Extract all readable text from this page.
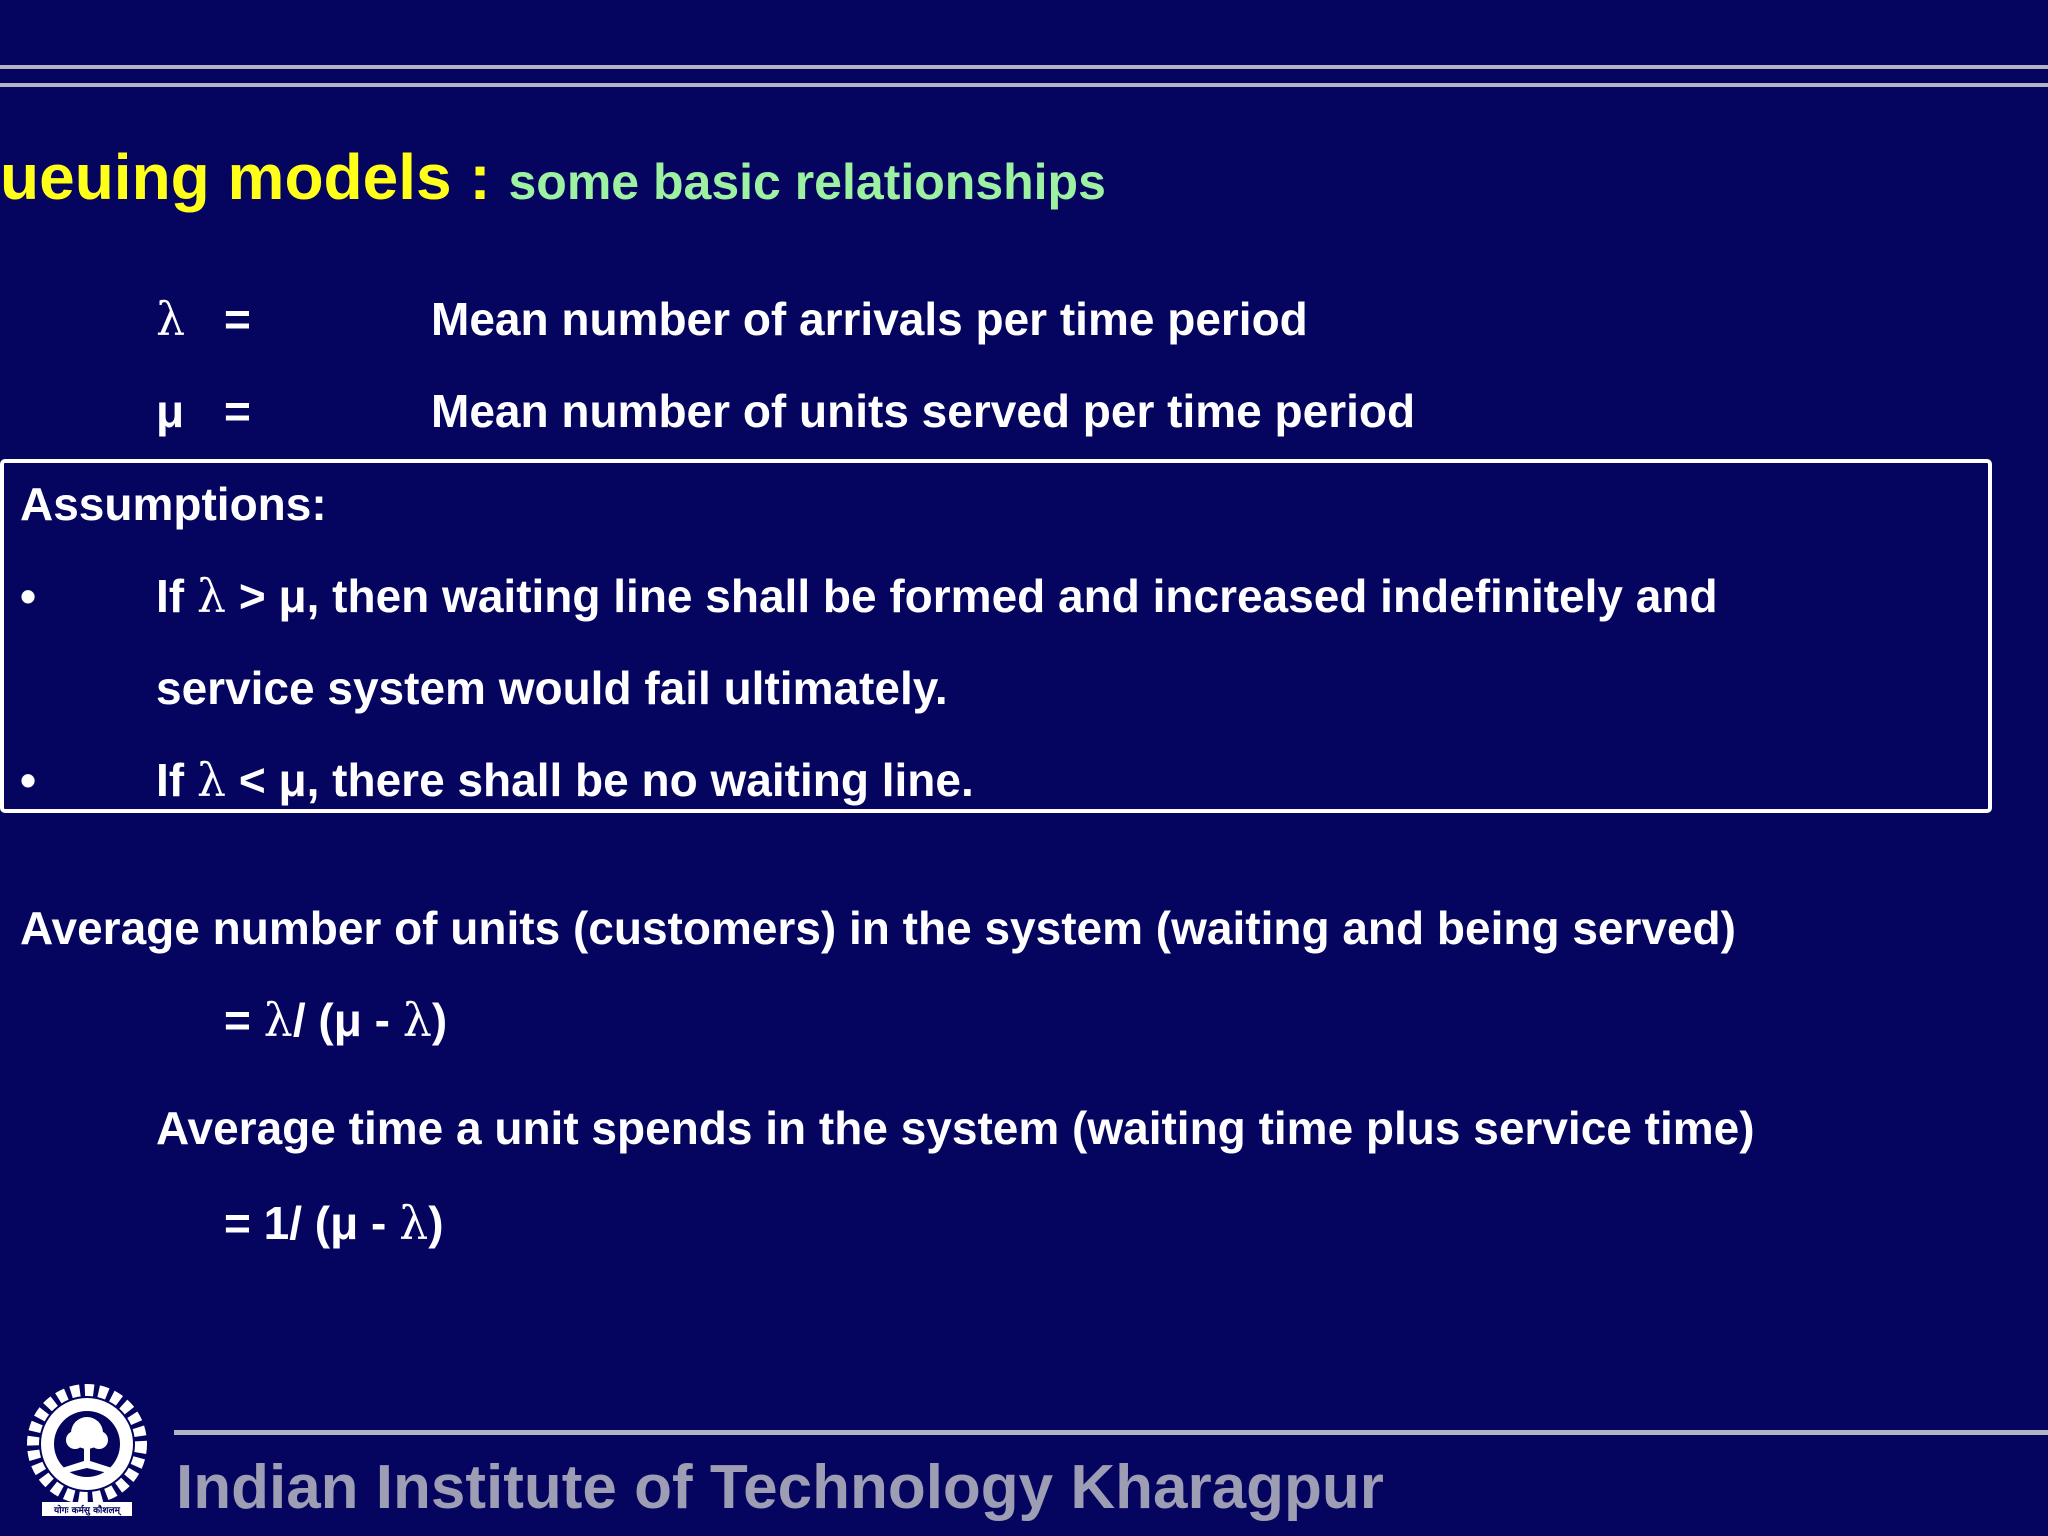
ueuing models : some basic relationships
λ =	Mean number of arrivals per time period
μ =	Mean number of units served per time period
Assumptions:
•	If λ > μ, then waiting line shall be formed and increased indefinitely and
service system would fail ultimately.
•	If λ < μ, there shall be no waiting line.
Average number of units (customers) in the system (waiting and being served)
= λ/ (μ - λ)
Average time a unit spends in the system (waiting time plus service time)
= 1/ (μ - λ)
योगः कर्मसु कौशलम् Indian Institute of Technology Kharagpur
